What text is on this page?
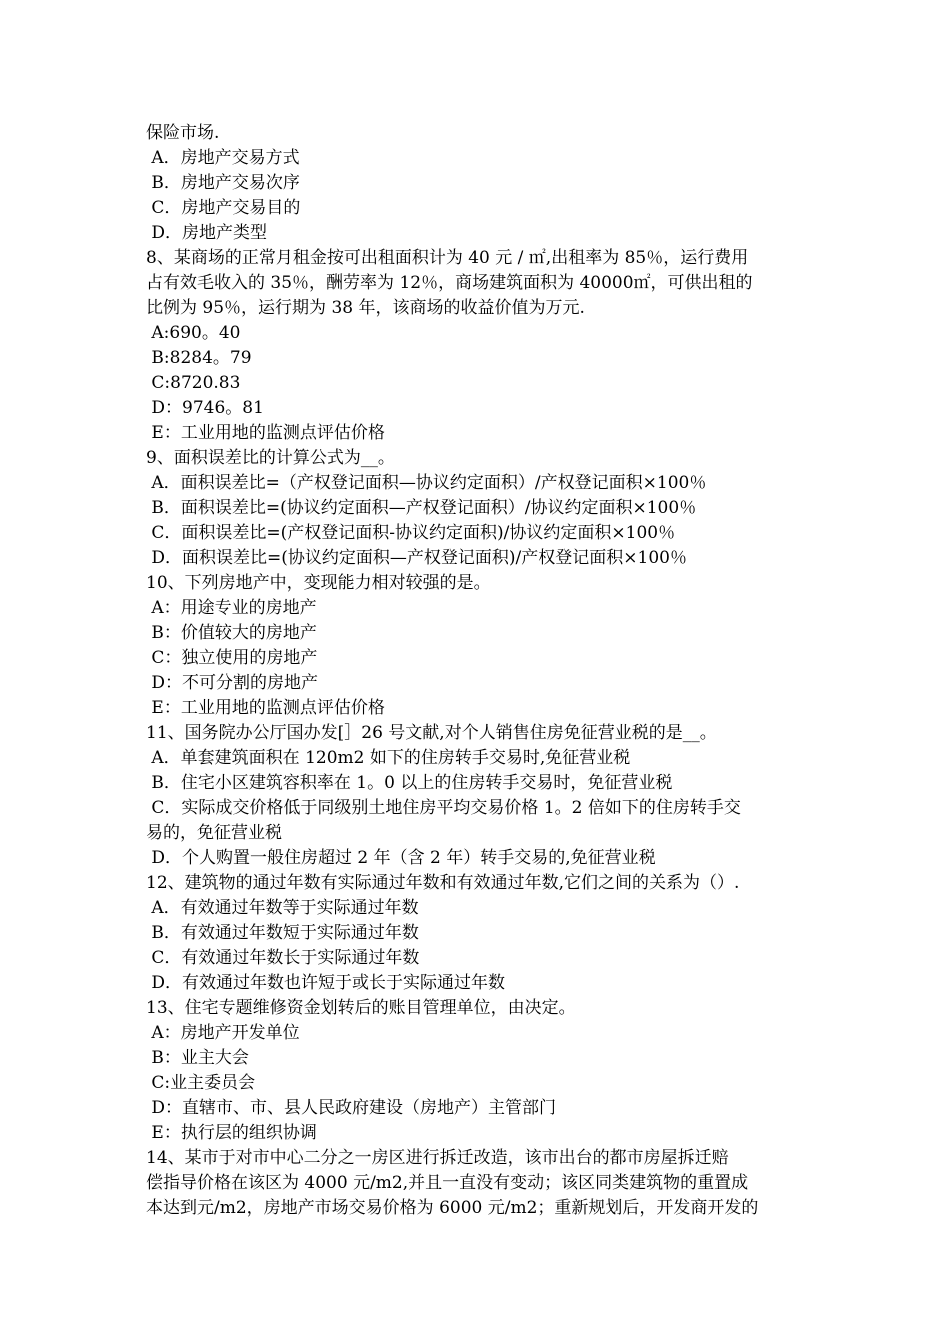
保险市场.
A．房地产交易方式
B．房地产交易次序
C．房地产交易目的
D．房地产类型
8、某商场的正常月租金按可出租面积计为 40 元 / ㎡,出租率为 85％，运行费用
占有效毛收入的 35％，酬劳率为 12％，商场建筑面积为 40000㎡，可供出租的
比例为 95％，运行期为 38 年，该商场的收益价值为万元.
A:690。40
B:8284。79
C:8720.83
D：9746。81
E：工业用地的监测点评估价格
9、面积误差比的计算公式为__。
A．面积误差比=（产权登记面积—协议约定面积）/产权登记面积×100％
B．面积误差比=(协议约定面积—产权登记面积）/协议约定面积×100％
C．面积误差比=(产权登记面积-协议约定面积)/协议约定面积×100％
D．面积误差比=(协议约定面积—产权登记面积)/产权登记面积×100％
10、下列房地产中，变现能力相对较强的是。
A：用途专业的房地产
B：价值较大的房地产
C：独立使用的房地产
D：不可分割的房地产
E：工业用地的监测点评估价格
11、国务院办公厅国办发[］26 号文献,对个人销售住房免征营业税的是__。
A．单套建筑面积在 120m2 如下的住房转手交易时,免征营业税
B．住宅小区建筑容积率在 1。0 以上的住房转手交易时，免征营业税
C．实际成交价格低于同级别土地住房平均交易价格 1。2 倍如下的住房转手交
易的，免征营业税
D．个人购置一般住房超过 2 年（含 2 年）转手交易的,免征营业税
12、建筑物的通过年数有实际通过年数和有效通过年数,它们之间的关系为（）.
A．有效通过年数等于实际通过年数
B．有效通过年数短于实际通过年数
C．有效通过年数长于实际通过年数
D．有效通过年数也许短于或长于实际通过年数
13、住宅专题维修资金划转后的账目管理单位，由决定。
A：房地产开发单位
B：业主大会
C:业主委员会
D：直辖市、市、县人民政府建设（房地产）主管部门
E：执行层的组织协调
14、某市于对市中心二分之一房区进行拆迁改造，该市出台的都市房屋拆迁赔
偿指导价格在该区为 4000 元/m2,并且一直没有变动；该区同类建筑物的重置成
本达到元/m2，房地产市场交易价格为 6000 元/m2；重新规划后，开发商开发的
